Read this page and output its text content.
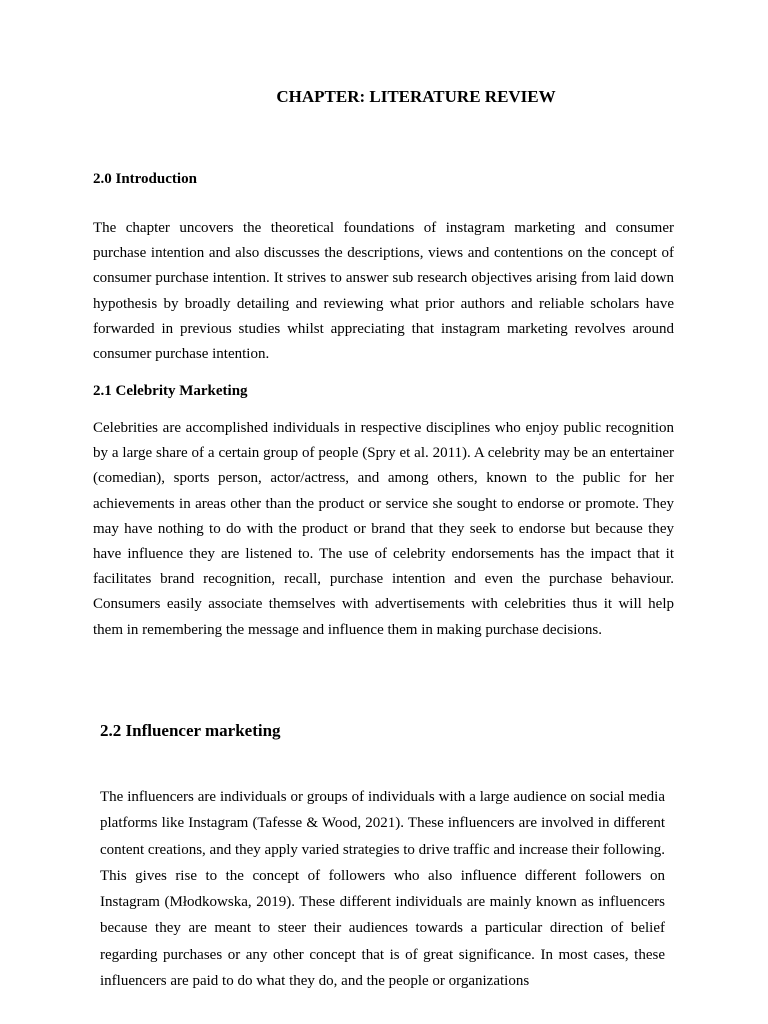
CHAPTER: LITERATURE REVIEW
2.0 Introduction

The chapter uncovers the theoretical foundations of instagram marketing and consumer purchase intention and also discusses the descriptions, views and contentions on the concept of consumer purchase intention. It strives to answer sub research objectives arising from laid down hypothesis by broadly detailing and reviewing what prior authors and reliable scholars have forwarded in previous studies whilst appreciating that instagram marketing revolves around consumer purchase intention.

2.1 Celebrity Marketing

Celebrities are accomplished individuals in respective disciplines who enjoy public recognition by a large share of a certain group of people (Spry et al. 2011). A celebrity may be an entertainer (comedian), sports person, actor/actress, and among others, known to the public for her achievements in areas other than the product or service she sought to endorse or promote. They may have nothing to do with the product or brand that they seek to endorse but because they have influence they are listened to. The use of celebrity endorsements has the impact that it facilitates brand recognition, recall, purchase intention and even the purchase behaviour. Consumers easily associate themselves with advertisements with celebrities thus it will help them in remembering the message and influence them in making purchase decisions.

2.2 Influencer marketing

The influencers are individuals or groups of individuals with a large audience on social media platforms like Instagram (Tafesse & Wood, 2021). These influencers are involved in different content creations, and they apply varied strategies to drive traffic and increase their following. This gives rise to the concept of followers who also influence different followers on Instagram (Młodkowska, 2019). These different individuals are mainly known as influencers because they are meant to steer their audiences towards a particular direction of belief regarding purchases or any other concept that is of great significance. In most cases, these influencers are paid to do what they do, and the people or organizations
